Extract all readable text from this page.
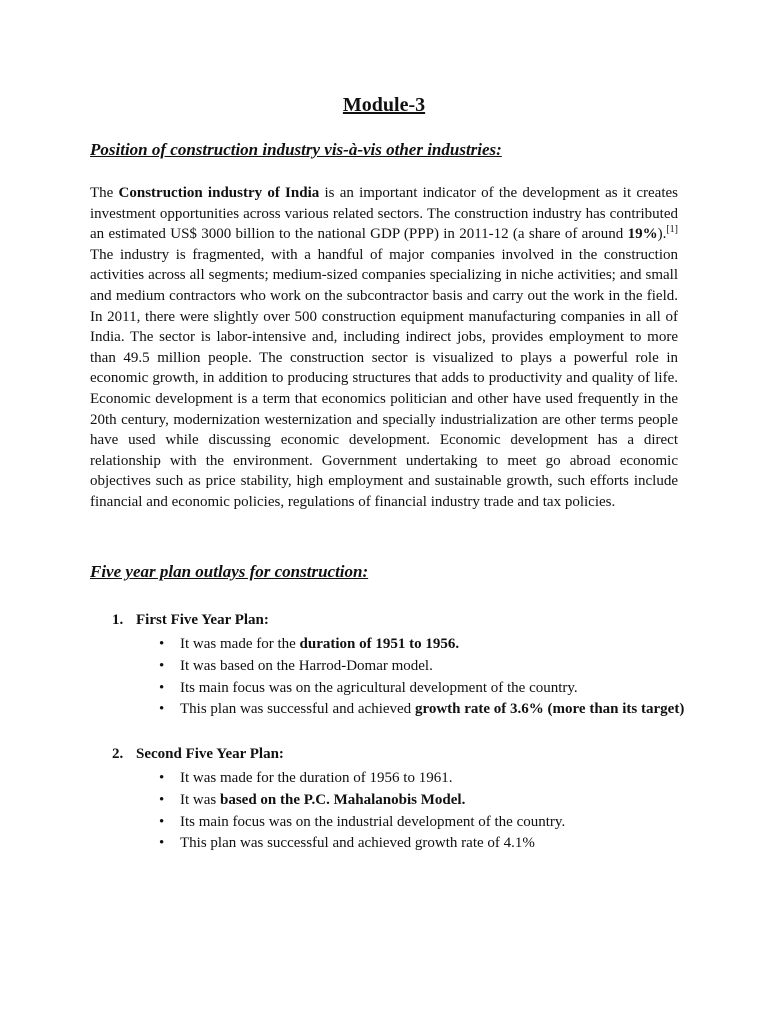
Module-3
Position of construction industry vis-à-vis other industries:

The Construction industry of India is an important indicator of the development as it creates investment opportunities across various related sectors. The construction industry has contributed an estimated US$ 3000 billion to the national GDP (PPP) in 2011-12 (a share of around 19%).[1] The industry is fragmented, with a handful of major companies involved in the construction activities across all segments; medium-sized companies specializing in niche activities; and small and medium contractors who work on the subcontractor basis and carry out the work in the field. In 2011, there were slightly over 500 construction equipment manufacturing companies in all of India. The sector is labor-intensive and, including indirect jobs, provides employment to more than 49.5 million people. The construction sector is visualized to plays a powerful role in economic growth, in addition to producing structures that adds to productivity and quality of life. Economic development is a term that economics politician and other have used frequently in the 20th century, modernization westernization and specially industrialization are other terms people have used while discussing economic development. Economic development has a direct relationship with the environment. Government undertaking to meet go abroad economic objectives such as price stability, high employment and sustainable growth, such efforts include financial and economic policies, regulations of financial industry trade and tax policies.

Five year plan outlays for construction:

1. First Five Year Plan:

• It was made for the duration of 1951 to 1956.
• It was based on the Harrod-Domar model.
• Its main focus was on the agricultural development of the country.
• This plan was successful and achieved growth rate of 3.6% (more than its target)

2. Second Five Year Plan:

• It was made for the duration of 1956 to 1961.
• It was based on the P.C. Mahalanobis Model.
• Its main focus was on the industrial development of the country.
• This plan was successful and achieved growth rate of 4.1%
